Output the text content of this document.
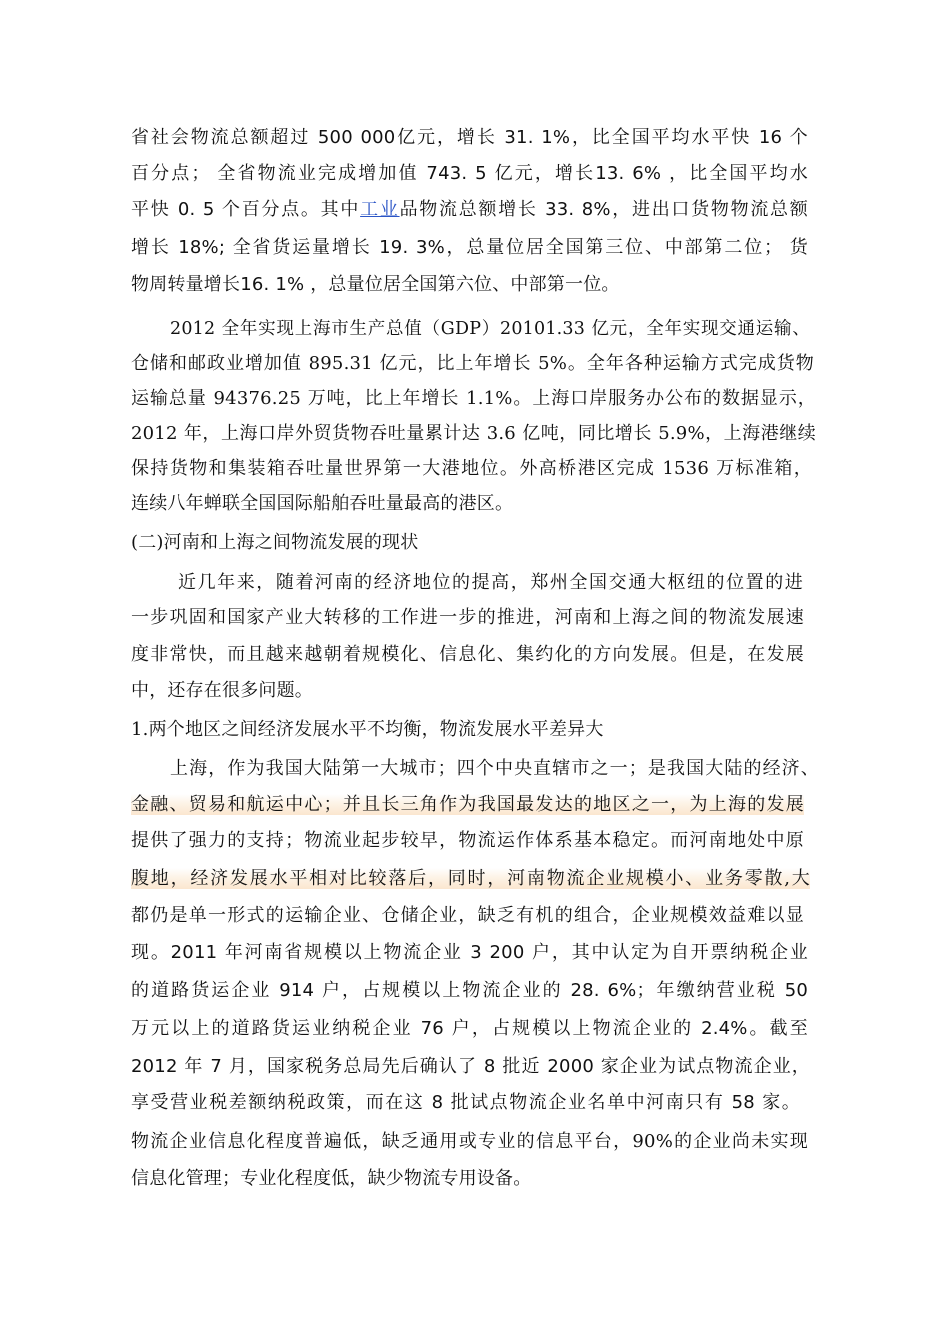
省社会物流总额超过 500 000亿元，增长 31. 1%，比全国平均水平快 16 个
百分点； 全省物流业完成增加值 743. 5 亿元，增长13. 6% ，比全国平均水
平快 0. 5 个百分点。其中工业品物流总额增长 33. 8%，进出口货物物流总额
增长 18%; 全省货运量增长 19. 3%，总量位居全国第三位、中部第二位； 货
物周转量增长16. 1% ，总量位居全国第六位、中部第一位。
2012 全年实现上海市生产总值（GDP）20101.33 亿元，全年实现交通运输、
仓储和邮政业增加值 895.31 亿元，比上年增长 5%。全年各种运输方式完成货物
运输总量 94376.25 万吨，比上年增长 1.1%。上海口岸服务办公布的数据显示，
2012 年，上海口岸外贸货物吞吐量累计达 3.6 亿吨，同比增长 5.9%，上海港继续
保持货物和集装箱吞吐量世界第一大港地位。外高桥港区完成 1536 万标准箱，
连续八年蝉联全国国际船舶吞吐量最高的港区。
(二)河南和上海之间物流发展的现状
近几年来，随着河南的经济地位的提高，郑州全国交通大枢纽的位置的进
一步巩固和国家产业大转移的工作进一步的推进，河南和上海之间的物流发展速
度非常快，而且越来越朝着规模化、信息化、集约化的方向发展。但是，在发展
中，还存在很多问题。
1.两个地区之间经济发展水平不均衡，物流发展水平差异大
上海，作为我国大陆第一大城市；四个中央直辖市之一；是我国大陆的经济、
金融、贸易和航运中心；并且长三角作为我国最发达的地区之一，为上海的发展
提供了强力的支持；物流业起步较早，物流运作体系基本稳定。而河南地处中原
腹地，经济发展水平相对比较落后，同时，河南物流企业规模小、业务零散,大
都仍是单一形式的运输企业、仓储企业，缺乏有机的组合，企业规模效益难以显
现。2011 年河南省规模以上物流企业 3 200 户，其中认定为自开票纳税企业
的道路货运企业 914 户，占规模以上物流企业的 28. 6%；年缴纳营业税 50
万元以上的道路货运业纳税企业 76 户，占规模以上物流企业的 2.4%。截至
2012 年 7 月，国家税务总局先后确认了 8 批近 2000 家企业为试点物流企业，
享受营业税差额纳税政策，而在这 8 批试点物流企业名单中河南只有 58 家。
物流企业信息化程度普遍低，缺乏通用或专业的信息平台，90%的企业尚未实现
信息化管理；专业化程度低，缺少物流专用设备。
